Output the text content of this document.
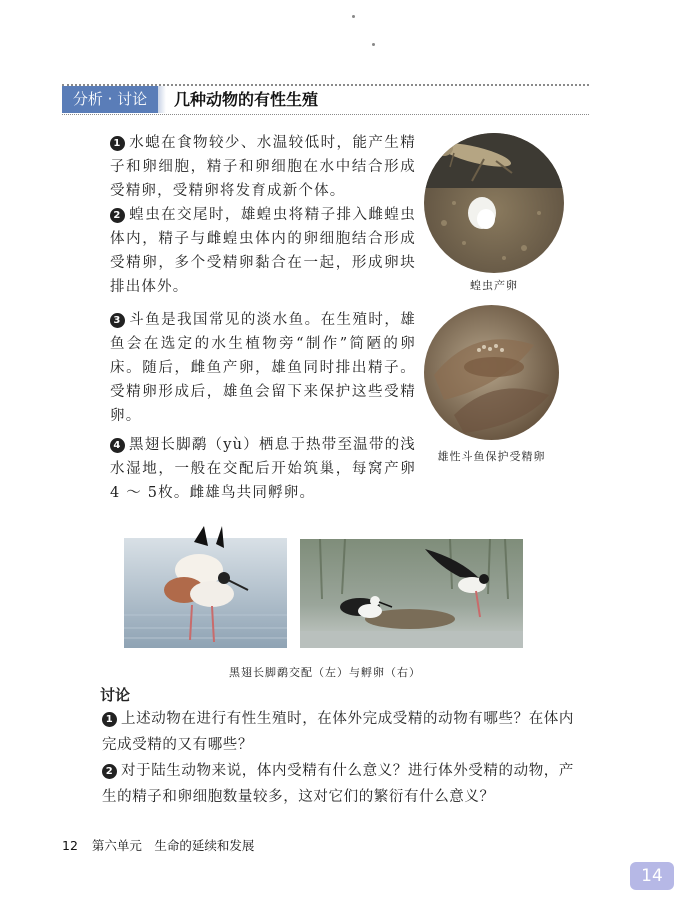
分析 · 讨论	几种动物的有性生殖
1 水螅在食物较少、水温较低时，能产生精子和卵细胞，精子和卵细胞在水中结合形成受精卵，受精卵将发育成新个体。
2 蝗虫在交尾时，雄蝗虫将精子排入雌蝗虫体内，精子与雌蝗虫体内的卵细胞结合形成受精卵，多个受精卵黏合在一起，形成卵块排出体外。
3 斗鱼是我国常见的淡水鱼。在生殖时，雄鱼会在选定的水生植物旁“制作”简陋的卵床。随后，雌鱼产卵，雄鱼同时排出精子。受精卵形成后，雄鱼会留下来保护这些受精卵。
4 黑翅长脚鹬（yù）栖息于热带至温带的浅水湿地，一般在交配后开始筑巢，每窝产卵4 ～ 5枚。雌雄鸟共同孵卵。
蝗虫产卵
雄性斗鱼保护受精卵
黑翅长脚鹬交配（左）与孵卵（右）
讨论
1 上述动物在进行有性生殖时，在体外完成受精的动物有哪些？在体内完成受精的又有哪些？
2 对于陆生动物来说，体内受精有什么意义？进行体外受精的动物，产生的精子和卵细胞数量较多，这对它们的繁衍有什么意义？
12 第六单元　生命的延续和发展
14
